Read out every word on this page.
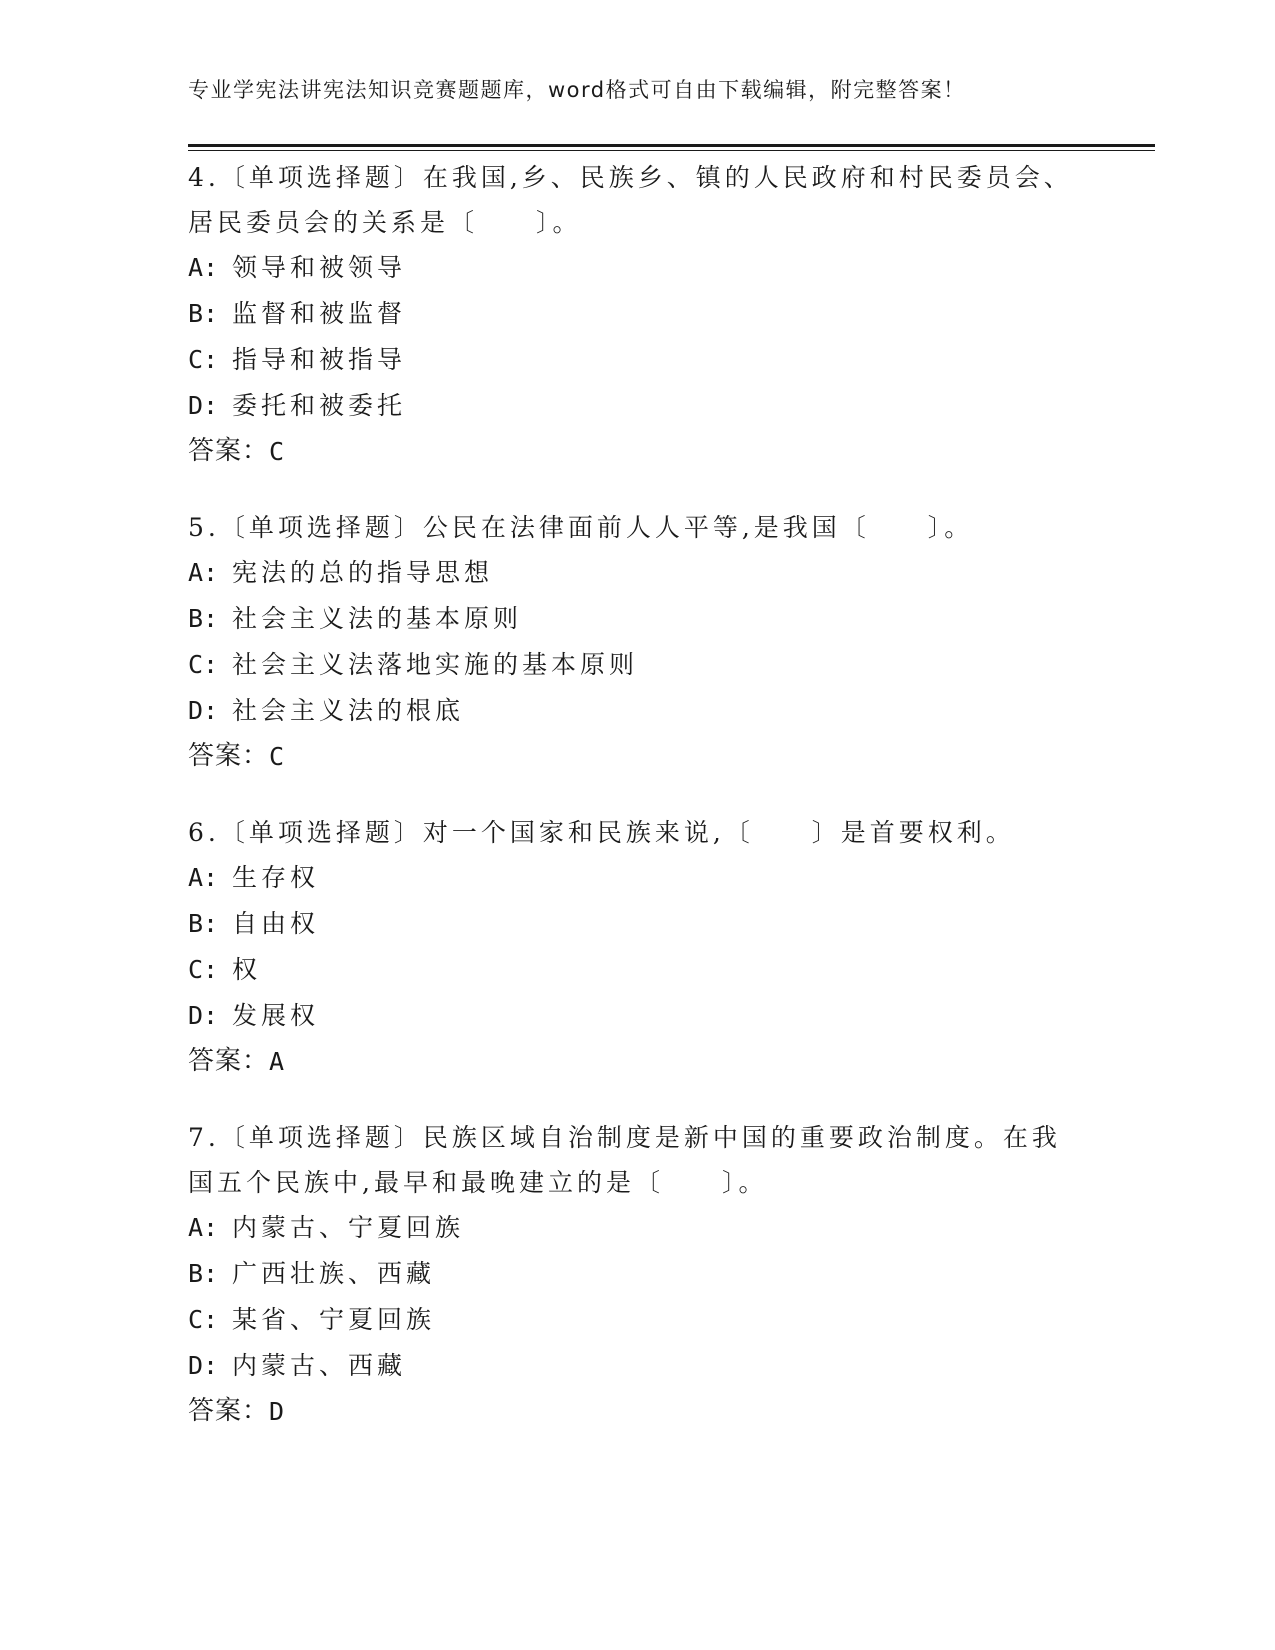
专业学宪法讲宪法知识竞赛题题库，word格式可自由下载编辑，附完整答案！

4.〔单项选择题〕在我国,乡、民族乡、镇的人民政府和村民委员会、
居民委员会的关系是〔　　〕。

A: 领导和被领导
B: 监督和被监督
C: 指导和被指导
D: 委托和被委托
答案： C

5.〔单项选择题〕公民在法律面前人人平等,是我国〔　　〕。

A: 宪法的总的指导思想
B: 社会主义法的基本原则
C: 社会主义法落地实施的基本原则
D: 社会主义法的根底
答案： C

6.〔单项选择题〕对一个国家和民族来说,〔　　〕是首要权利。

A: 生存权
B: 自由权
C: 权
D: 发展权
答案： A

7.〔单项选择题〕民族区域自治制度是新中国的重要政治制度。在我
国五个民族中,最早和最晚建立的是〔　　〕。

A: 内蒙古、宁夏回族
B: 广西壮族、西藏
C: 某省、宁夏回族
D: 内蒙古、西藏
答案： D
